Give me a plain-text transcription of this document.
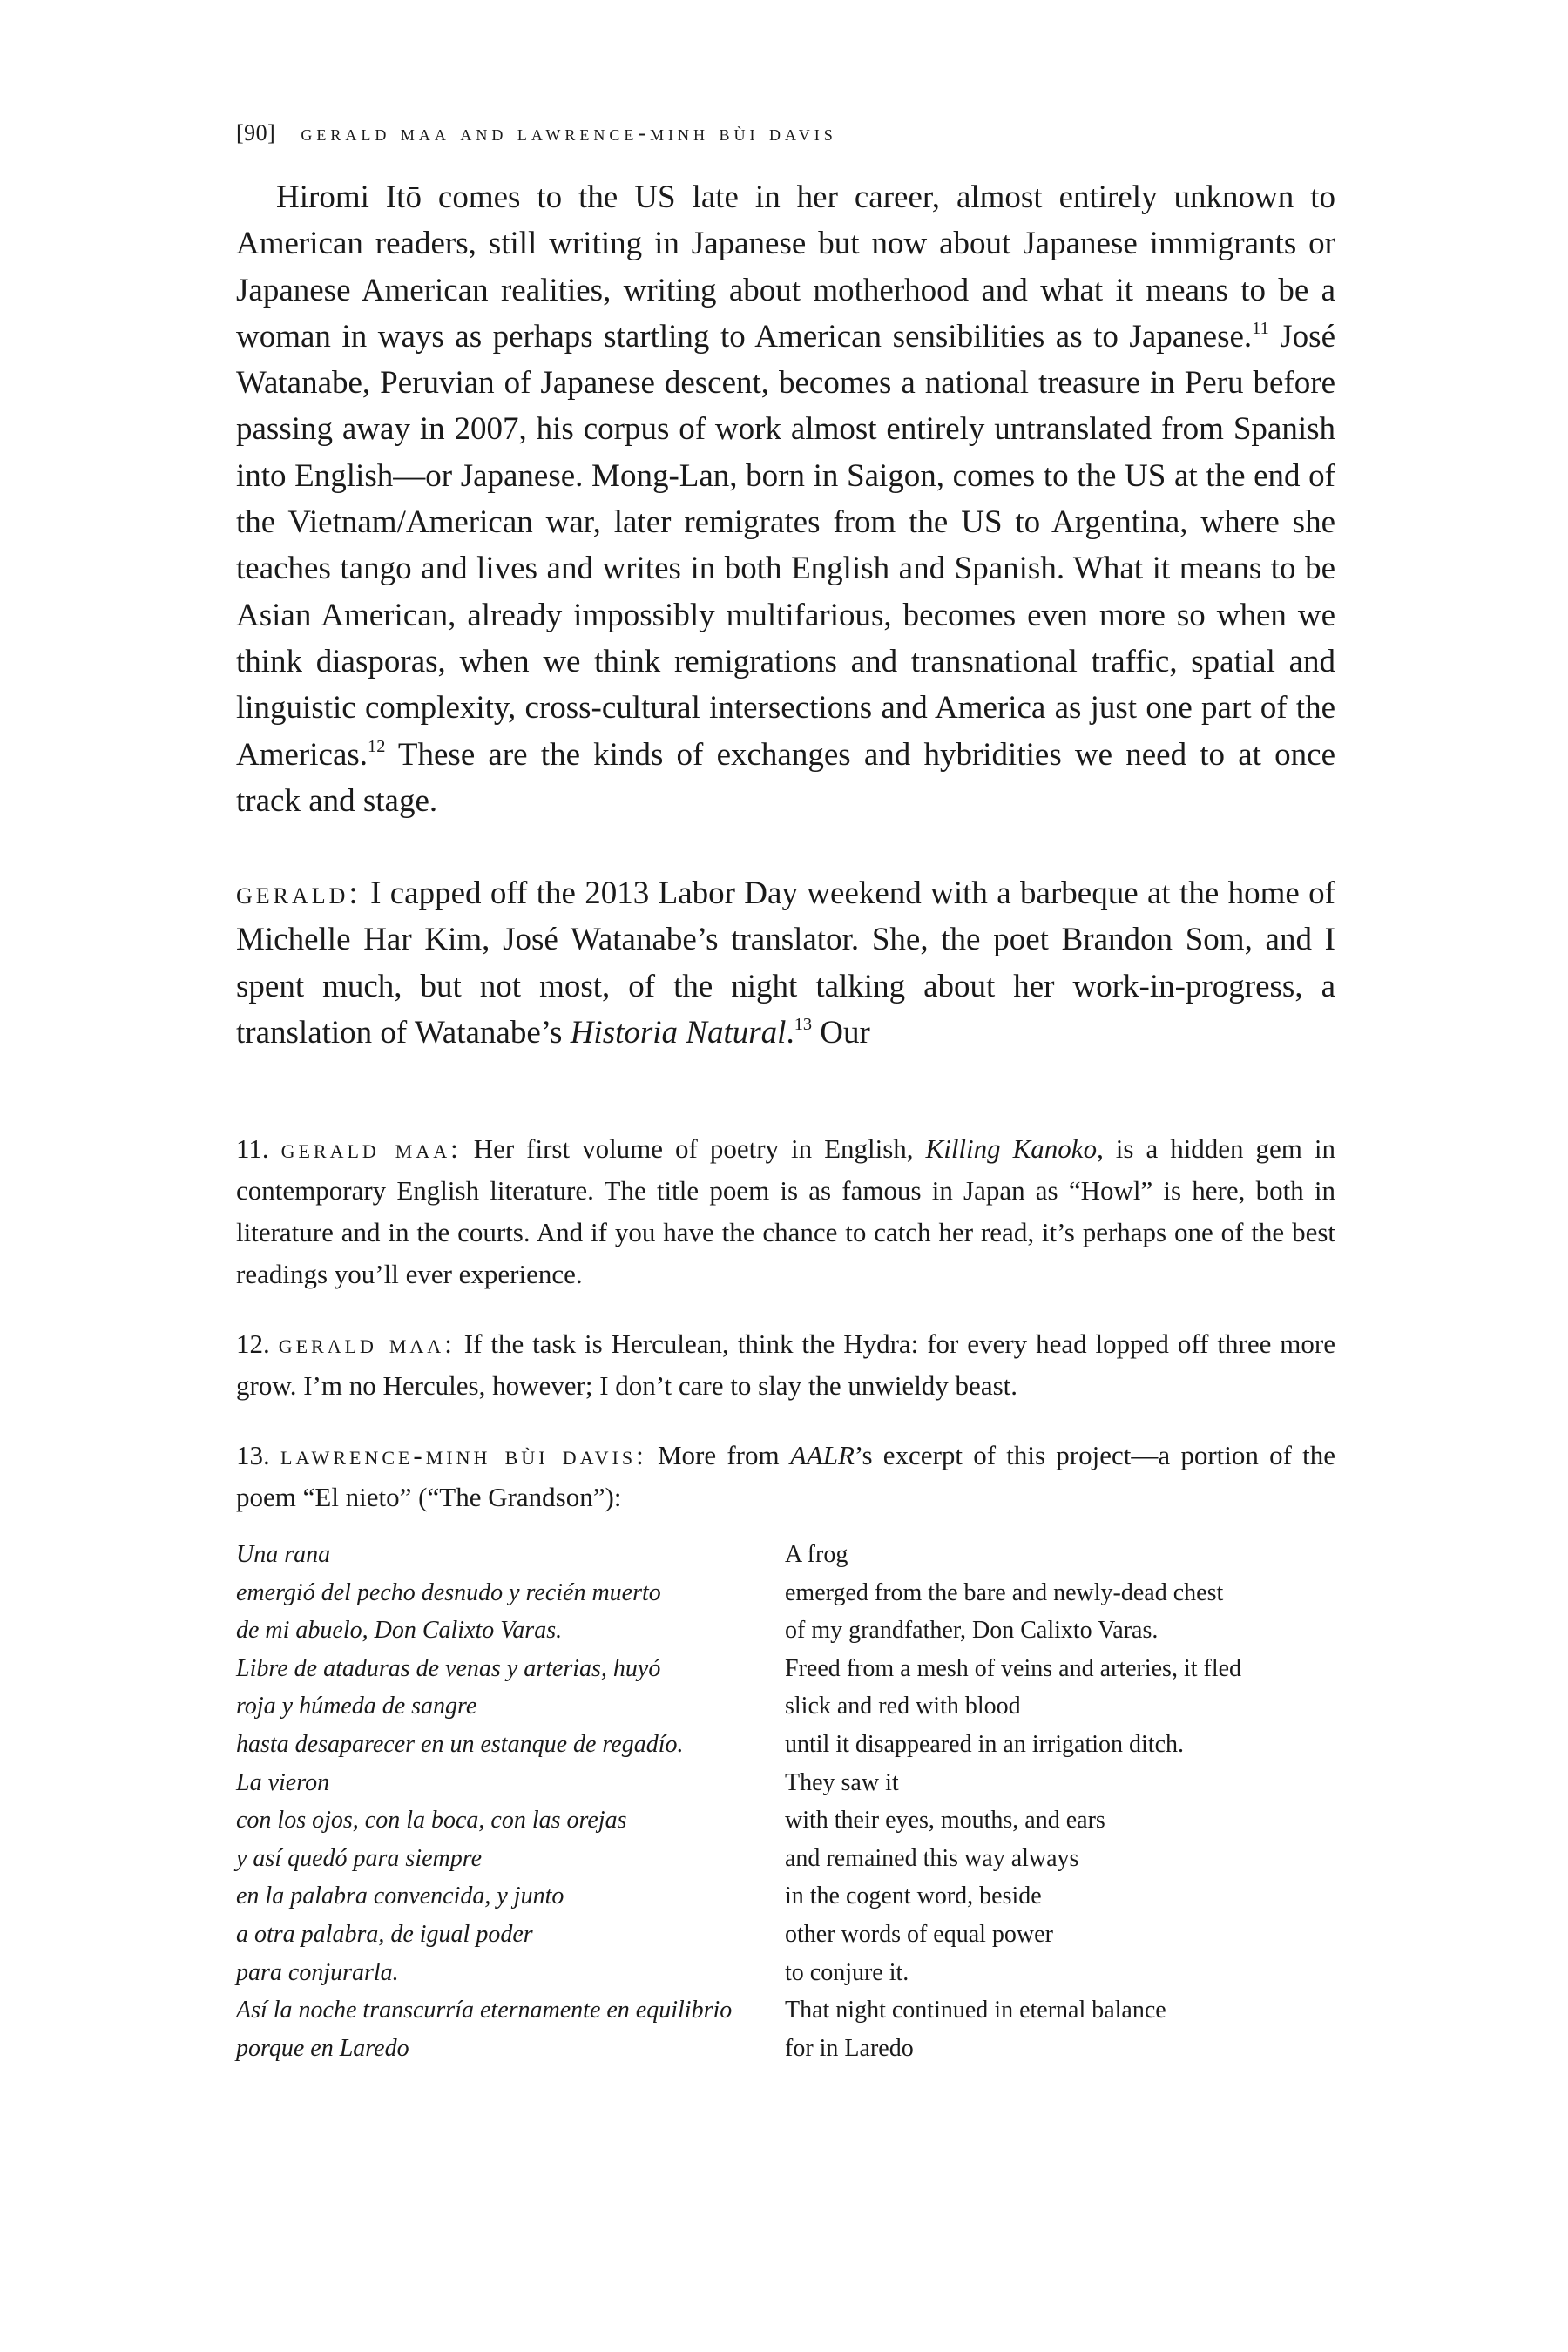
[90] gerald maa and lawrence-minh bùi davis

Hiromi Itō comes to the US late in her career, almost entirely unknown to American readers, still writing in Japanese but now about Japanese immigrants or Japanese American realities, writing about motherhood and what it means to be a woman in ways as perhaps startling to American sensibilities as to Japanese.$^{11}$ José Watanabe, Peruvian of Japanese descent, becomes a national treasure in Peru before passing away in 2007, his corpus of work almost entirely untranslated from Spanish into English—or Japanese. Mong-Lan, born in Saigon, comes to the US at the end of the Vietnam/American war, later remigrates from the US to Argentina, where she teaches tango and lives and writes in both English and Spanish. What it means to be Asian American, already impossibly multifarious, becomes even more so when we think diasporas, when we think remigrations and transnational traffic, spatial and linguistic complexity, cross-cultural intersections and America as just one part of the Americas.$^{12}$ These are the kinds of exchanges and hybridities we need to at once track and stage.

gerald: I capped off the 2013 Labor Day weekend with a barbeque at the home of Michelle Har Kim, José Watanabe’s translator. She, the poet Brandon Som, and I spent much, but not most, of the night talking about her work-in-progress, a translation of Watanabe’s Historia Natural.$^{13}$ Our

11. gerald maa: Her first volume of poetry in English, Killing Kanoko, is a hidden gem in contemporary English literature. The title poem is as famous in Japan as “Howl” is here, both in literature and in the courts. And if you have the chance to catch her read, it’s perhaps one of the best readings you’ll ever experience.

12. gerald maa: If the task is Herculean, think the Hydra: for every head lopped off three more grow. I’m no Hercules, however; I don’t care to slay the unwieldy beast.

13. lawrence-minh bùi davis: More from AALR’s excerpt of this project—a portion of the poem “El nieto” (“The Grandson”):

Una rana	A frog
emergió del pecho desnudo y recién muerto	emerged from the bare and newly-dead chest
de mi abuelo, Don Calixto Varas.	of my grandfather, Don Calixto Varas.
Libre de ataduras de venas y arterias, huyó	Freed from a mesh of veins and arteries, it fled
roja y húmeda de sangre	slick and red with blood
hasta desaparecer en un estanque de regadío.	until it disappeared in an irrigation ditch.
La vieron	They saw it
con los ojos, con la boca, con las orejas	with their eyes, mouths, and ears
y así quedó para siempre	and remained this way always
en la palabra convencida, y junto	in the cogent word, beside
a otra palabra, de igual poder	other words of equal power
para conjurarla.	to conjure it.
Así la noche transcurría eternamente en equilibrio	That night continued in eternal balance
porque en Laredo	for in Laredo
